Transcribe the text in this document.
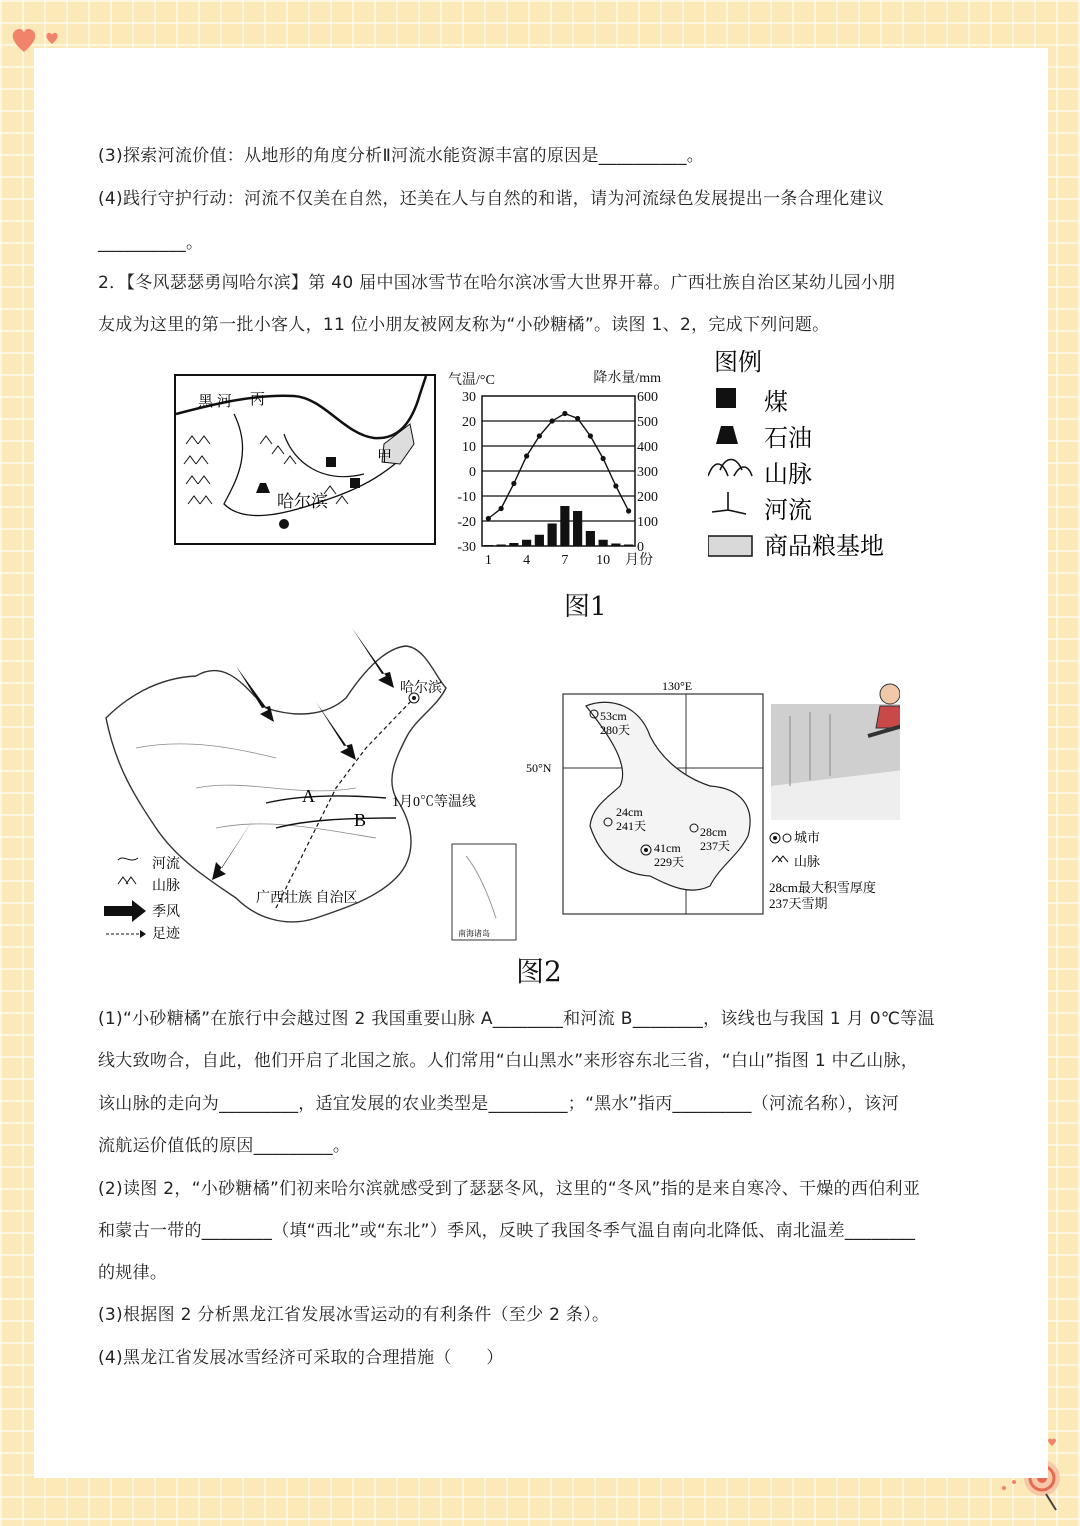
(3)探索河流价值：从地形的角度分析Ⅱ河流水能资源丰富的原因是__________。
(4)践行守护行动：河流不仅美在自然，还美在人与自然的和谐，请为河流绿色发展提出一条合理化建议
__________。
2．【冬风瑟瑟勇闯哈尔滨】第 40 届中国冰雪节在哈尔滨冰雪大世界开幕。广西壮族自治区某幼儿园小朋
友成为这里的第一批小客人，11 位小朋友被网友称为“小砂糖橘”。读图 1、2，完成下列问题。
黑 河 丙
甲
哈尔滨
30
20
10
0
-10
-20
-30
600
500
400
300
200
100
0
1 4 7 10 月份
气温/°C	降水量/mm
图例
煤
石油
山脉
河流
商品粮基地
图1
哈尔滨
1月0℃等温线
A
B
广西壮族 自治区
南海诸岛
河流
山脉
季风
足迹
130°E
50°N
53cm
280天
24cm
241天	28cm
237天
41cm
229天
城市
山脉
28cm最大积雪厚度
237天雪期
图2
(1)“小砂糖橘”在旅行中会越过图 2 我国重要山脉 A________和河流 B________，该线也与我国 1 月 0℃等温
线大致吻合，自此，他们开启了北国之旅。人们常用“白山黑水”来形容东北三省，“白山”指图 1 中乙山脉，
该山脉的走向为_________，适宜发展的农业类型是_________；“黑水”指丙_________（河流名称），该河
流航运价值低的原因_________。
(2)读图 2，“小砂糖橘”们初来哈尔滨就感受到了瑟瑟冬风，这里的“冬风”指的是来自寒冷、干燥的西伯利亚
和蒙古一带的________（填“西北”或“东北”）季风，反映了我国冬季气温自南向北降低、南北温差________
的规律。
(3)根据图 2 分析黑龙江省发展冰雪运动的有利条件（至少 2 条）。
(4)黑龙江省发展冰雪经济可采取的合理措施（　　）
